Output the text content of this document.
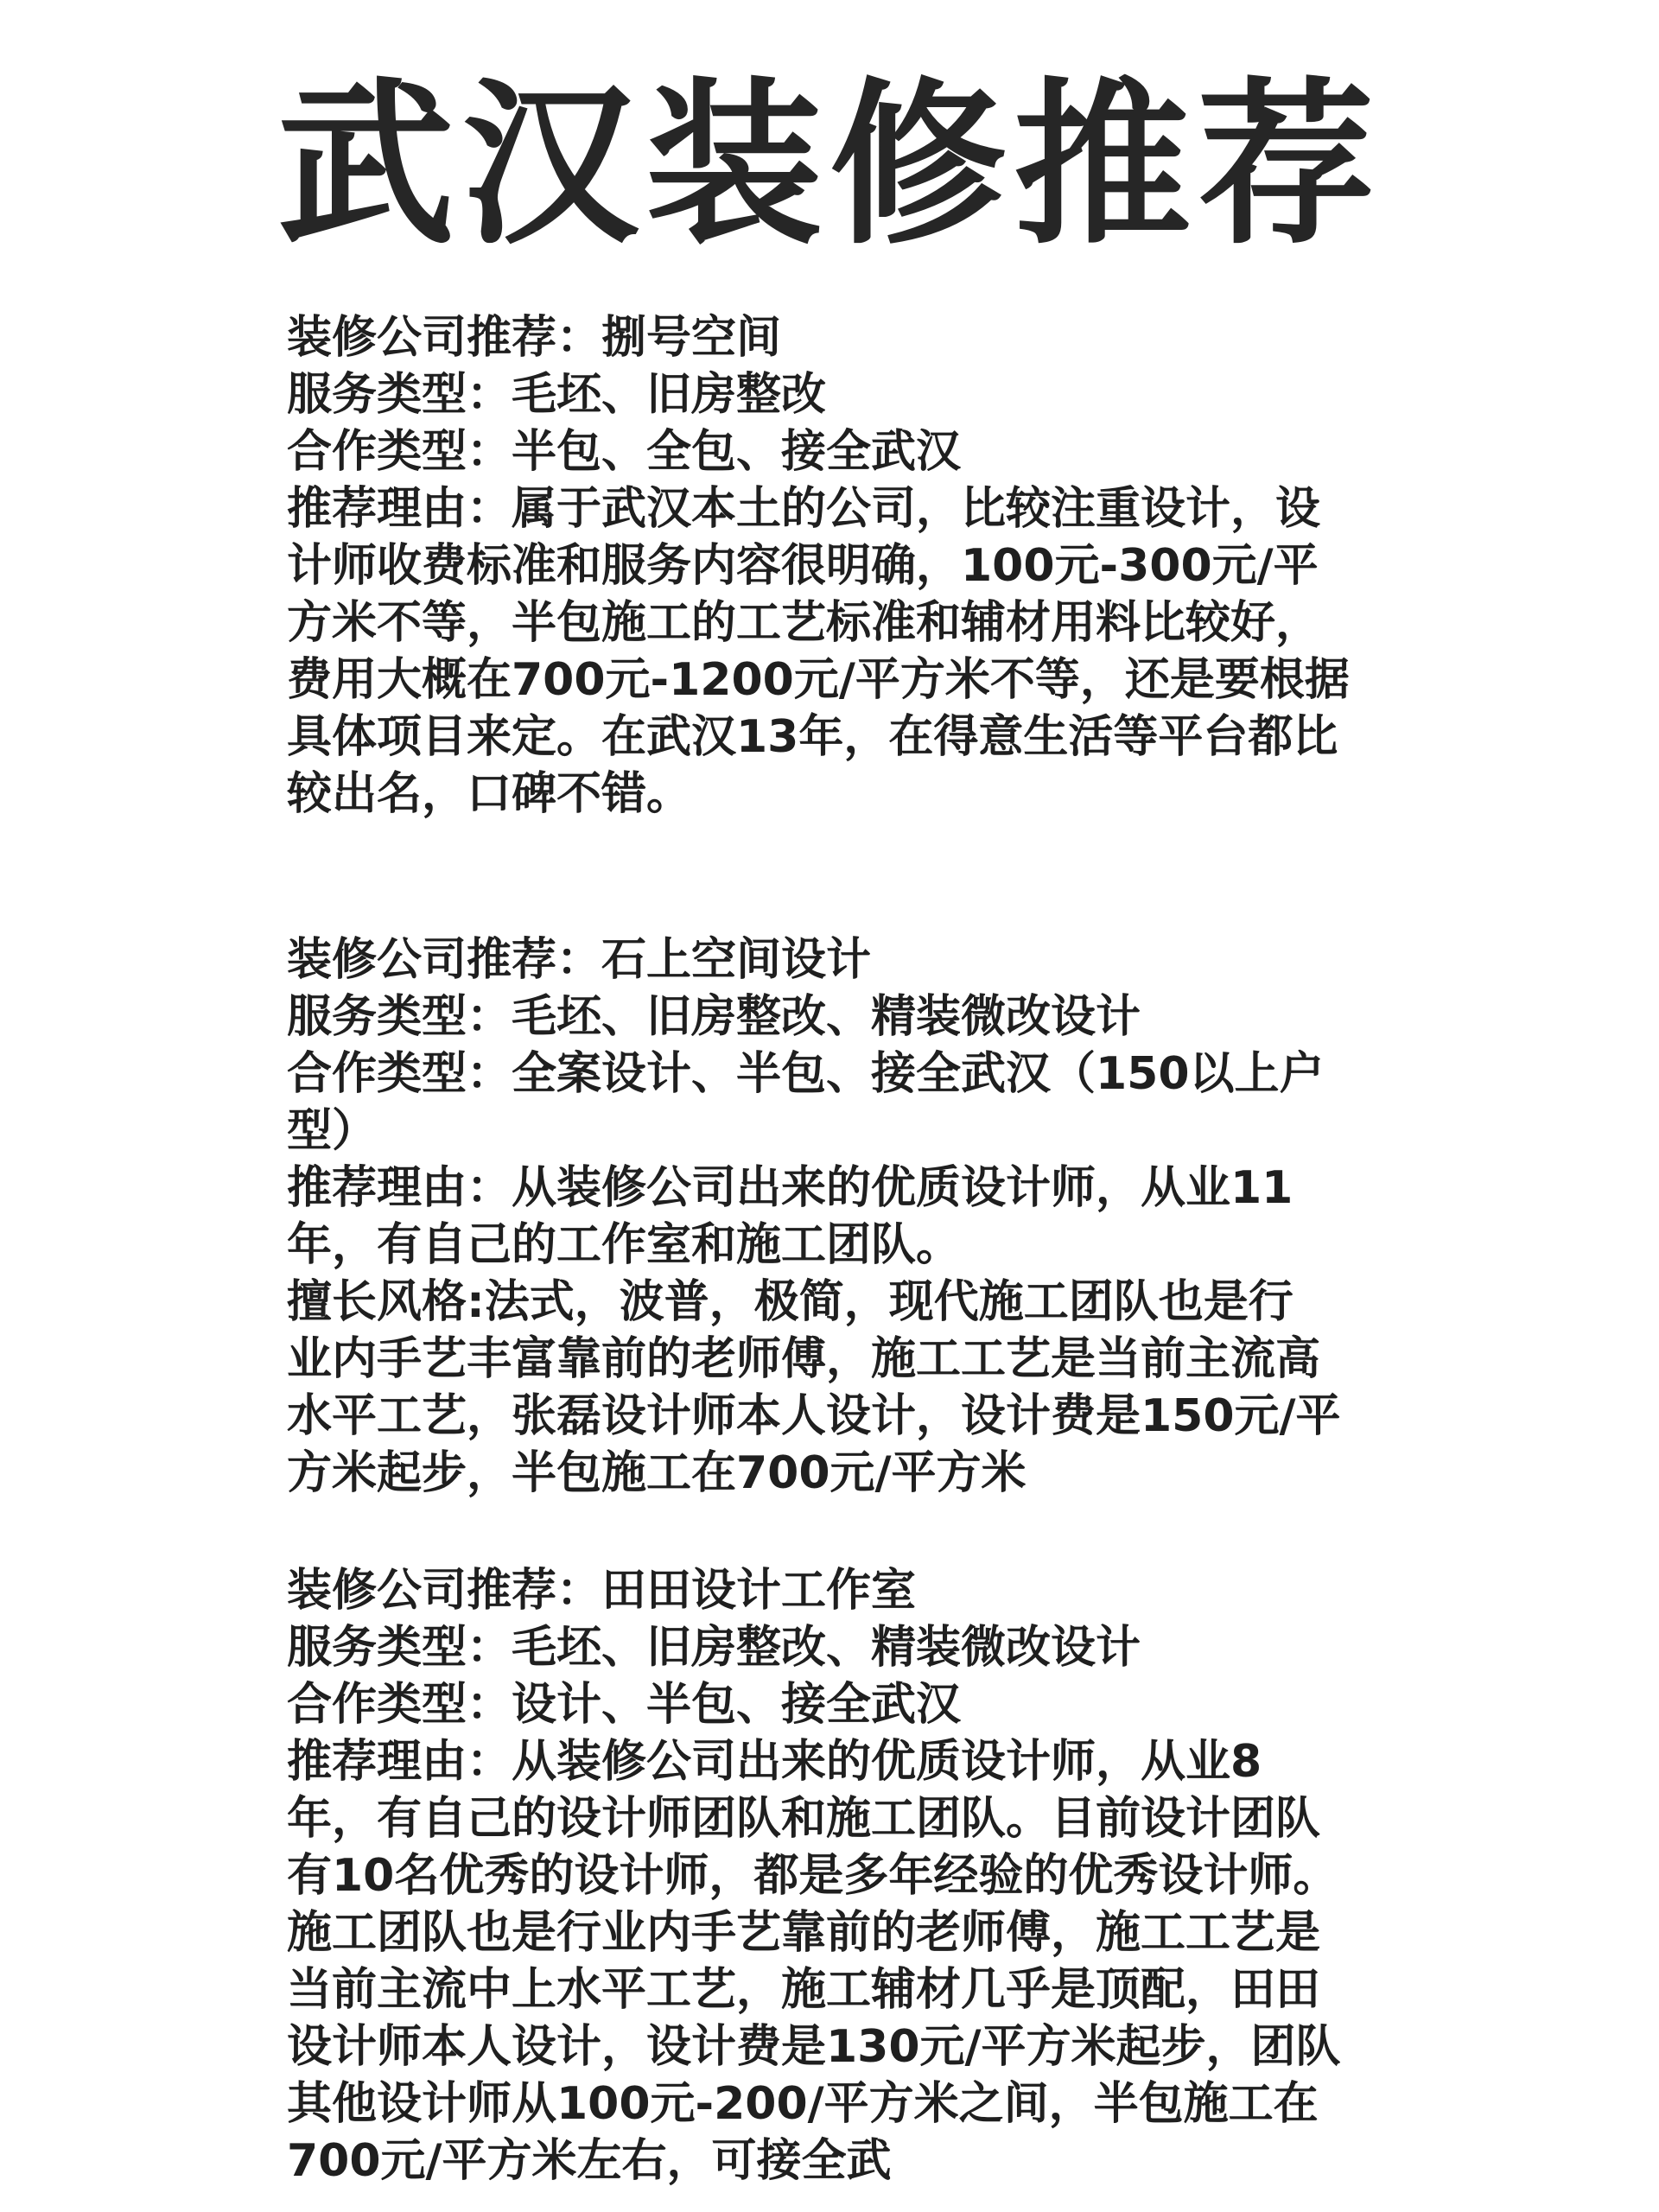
武汉装修推荐
装修公司推荐：捌号空间
服务类型：毛坯、旧房整改
合作类型：半包、全包、接全武汉
推荐理由：属于武汉本土的公司，比较注重设计，设
计师收费标准和服务内容很明确，100元-300元/平
方米不等，半包施工的工艺标准和辅材用料比较好，
费用大概在700元-1200元/平方米不等，还是要根据
具体项目来定。在武汉13年，在得意生活等平台都比
较出名，口碑不错。
装修公司推荐：石上空间设计
服务类型：毛坯、旧房整改、精装微改设计
合作类型：全案设计、半包、接全武汉（150以上户
型）
推荐理由：从装修公司出来的优质设计师，从业11
年，有自己的工作室和施工团队。
擅长风格:法式，波普，极简，现代施工团队也是行
业内手艺丰富靠前的老师傅，施工工艺是当前主流高
水平工艺，张磊设计师本人设计，设计费是150元/平
方米起步，半包施工在700元/平方米
装修公司推荐：田田设计工作室
服务类型：毛坯、旧房整改、精装微改设计
合作类型：设计、半包、接全武汉
推荐理由：从装修公司出来的优质设计师，从业8
年，有自己的设计师团队和施工团队。目前设计团队
有10名优秀的设计师，都是多年经验的优秀设计师。
施工团队也是行业内手艺靠前的老师傅，施工工艺是
当前主流中上水平工艺，施工辅材几乎是顶配，田田
设计师本人设计，设计费是130元/平方米起步，团队
其他设计师从100元-200/平方米之间，半包施工在
700元/平方米左右，可接全武
